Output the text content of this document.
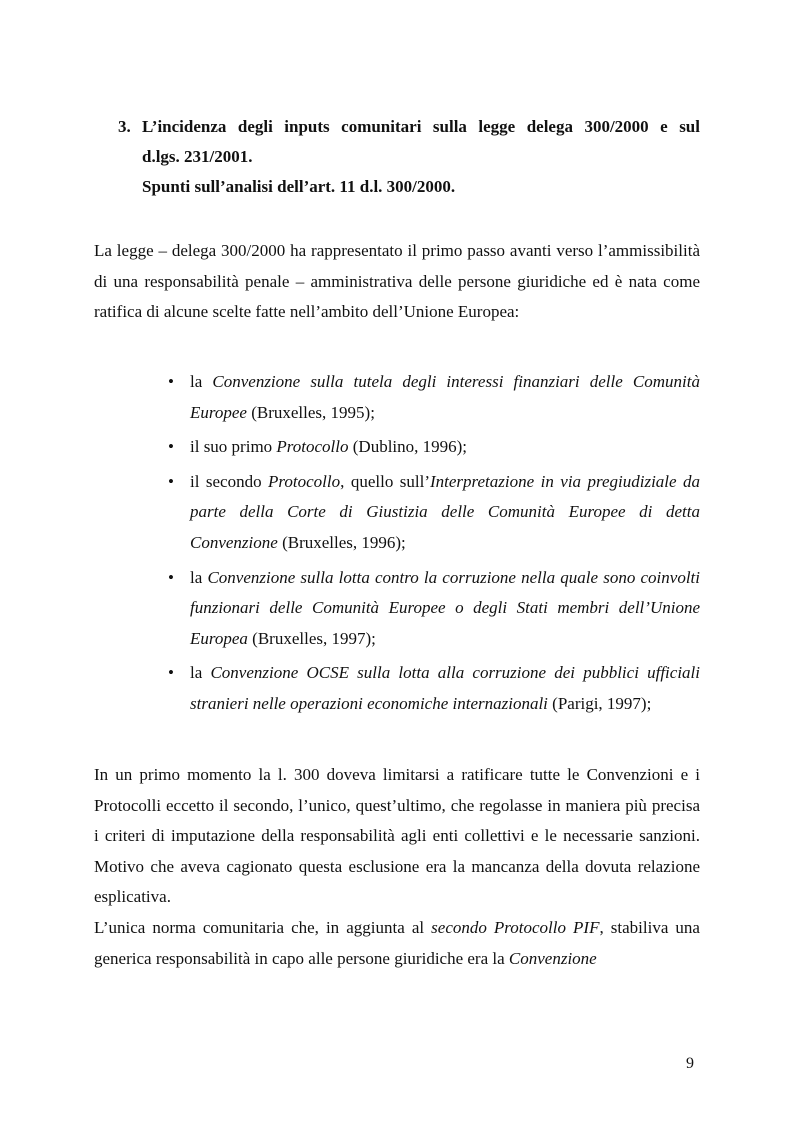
3. L’incidenza degli inputs comunitari sulla legge delega 300/2000 e sul
d.lgs. 231/2001.
Spunti sull’analisi dell’art. 11 d.l. 300/2000.

La legge – delega 300/2000 ha rappresentato il primo passo avanti verso l’ammissibilità di una responsabilità penale – amministrativa delle persone giuridiche ed è nata come ratifica di alcune scelte fatte nell’ambito dell’Unione Europea:

• la Convenzione sulla tutela degli interessi finanziari delle Comunità Europee (Bruxelles, 1995);
• il suo primo Protocollo (Dublino, 1996);
• il secondo Protocollo, quello sull’Interpretazione in via pregiudiziale da parte della Corte di Giustizia delle Comunità Europee di detta Convenzione (Bruxelles, 1996);
• la Convenzione sulla lotta contro la corruzione nella quale sono coinvolti funzionari delle Comunità Europee o degli Stati membri dell’Unione Europea (Bruxelles, 1997);
• la Convenzione OCSE sulla lotta alla corruzione dei pubblici ufficiali stranieri nelle operazioni economiche internazionali (Parigi, 1997);

In un primo momento la l. 300 doveva limitarsi a ratificare tutte le Convenzioni e i Protocolli eccetto il secondo, l’unico, quest’ultimo, che regolasse in maniera più precisa i criteri di imputazione della responsabilità agli enti collettivi e le necessarie sanzioni. Motivo che aveva cagionato questa esclusione era la mancanza della dovuta relazione esplicativa.

L’unica norma comunitaria che, in aggiunta al secondo Protocollo PIF, stabiliva una generica responsabilità in capo alle persone giuridiche era la Convenzione

9
